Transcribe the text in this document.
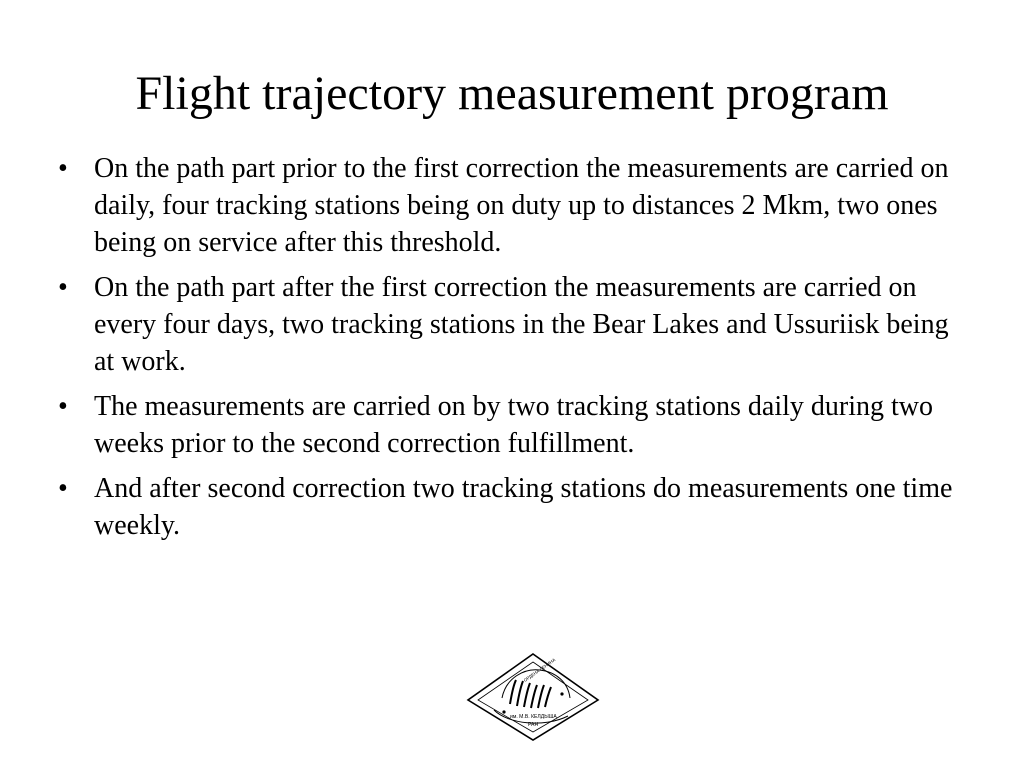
Flight trajectory measurement program
• On the path part prior to the first correction the measurements are carried on daily, four tracking stations being on duty up to distances 2 Mkm, two ones being on service after this threshold.
• On the path part after the first correction the measurements are carried on every four days, two tracking stations in the Bear Lakes and Ussuriisk being at work.
• The measurements are carried on by two tracking stations daily during two weeks prior to the second correction fulfillment.
• And after second correction two tracking stations do measurements one time weekly.
ОРДЕНА ЛЕНИНА
им. М.В. КЕЛДЫША
РАН
